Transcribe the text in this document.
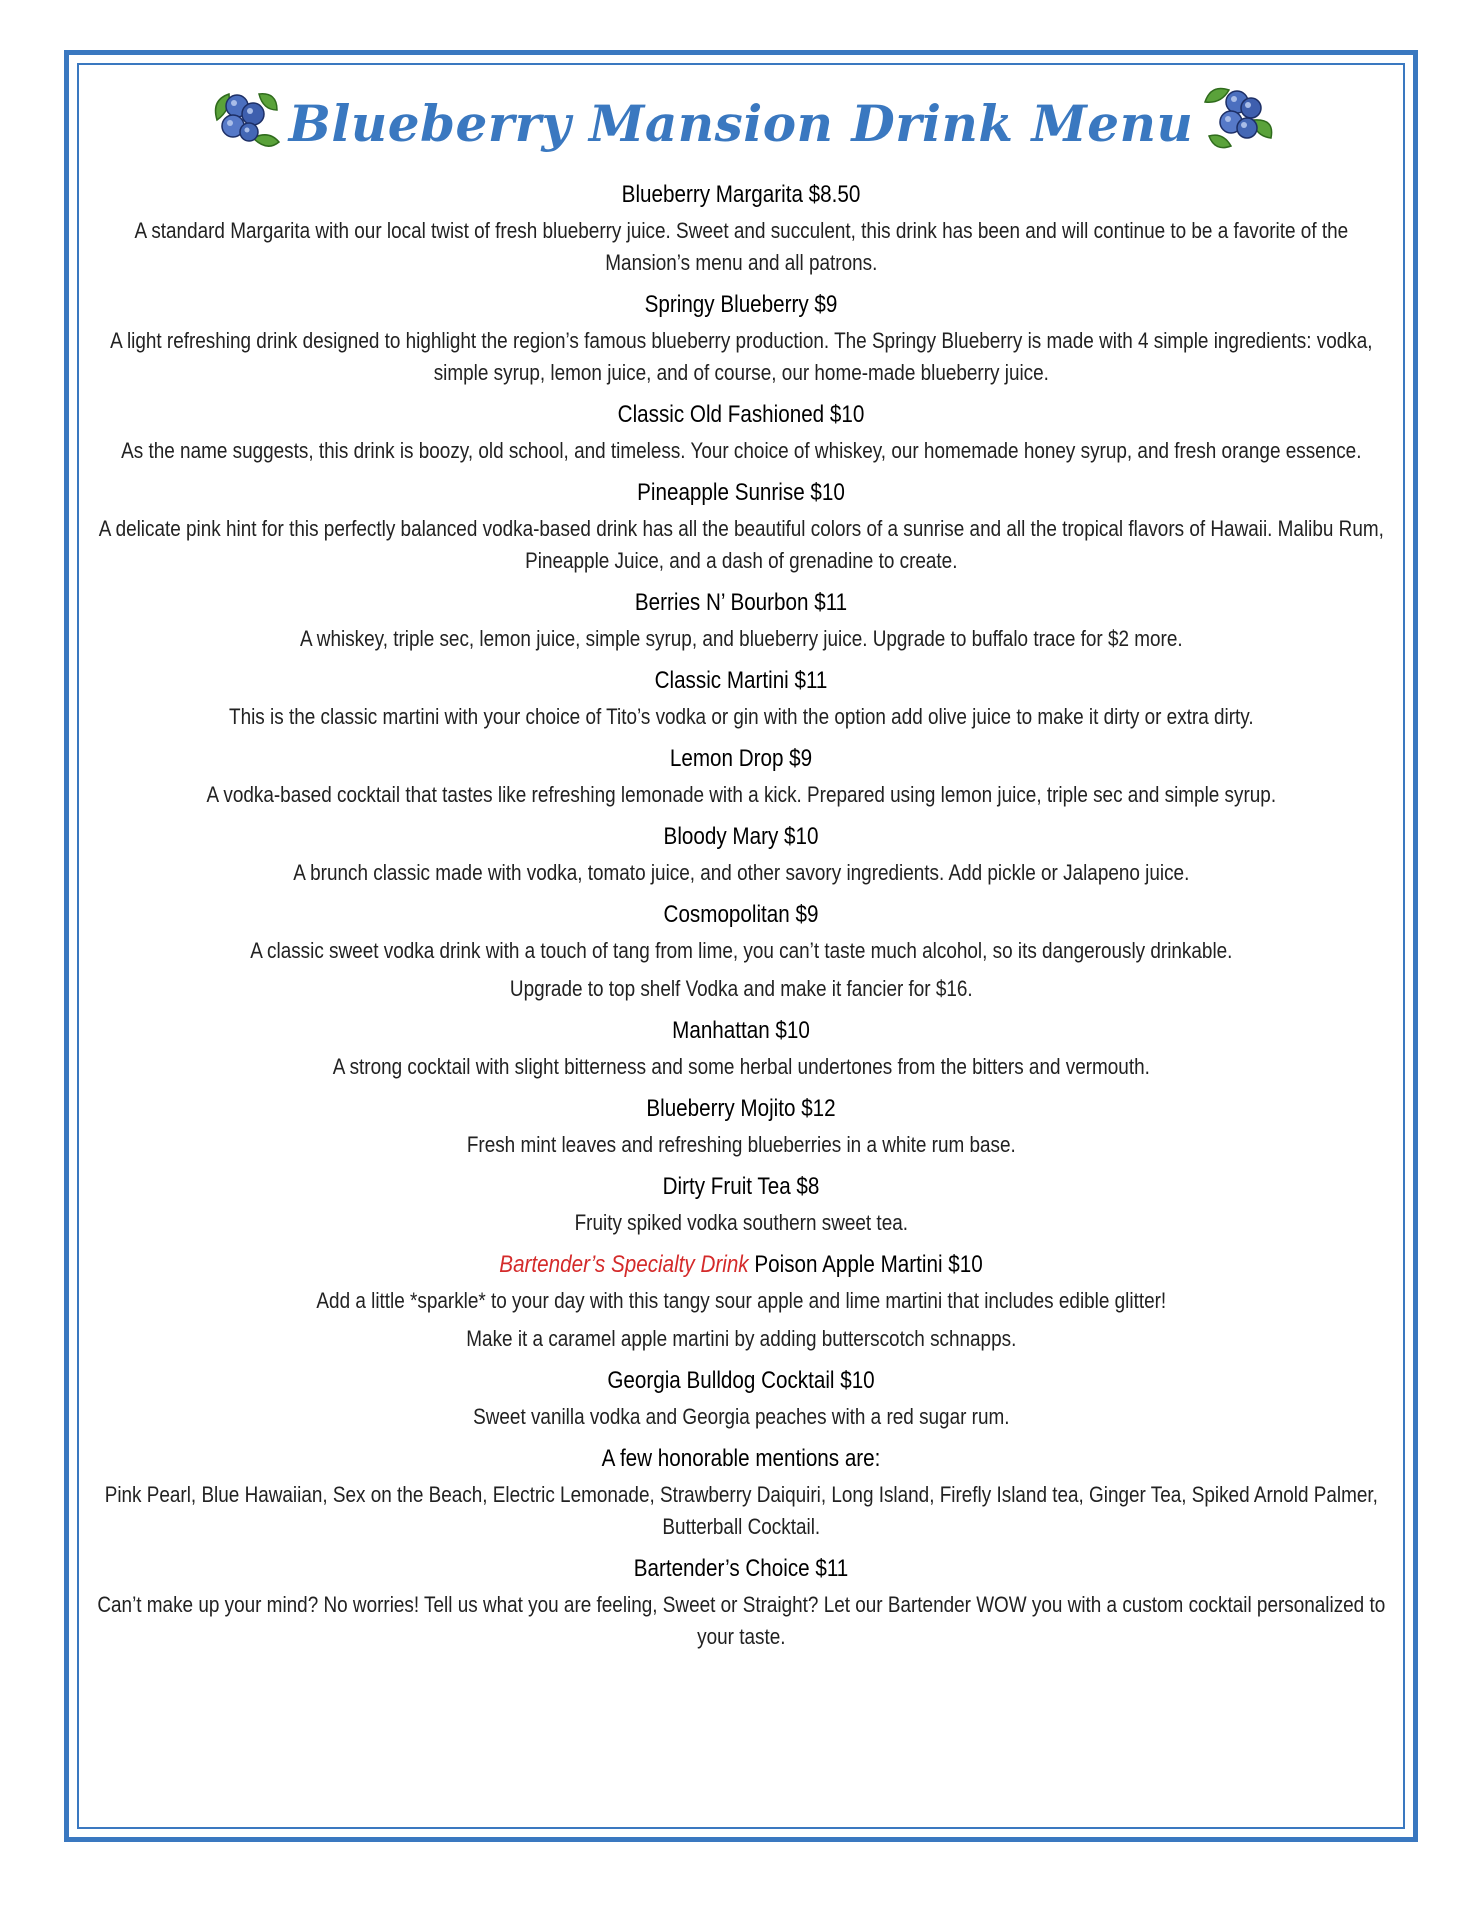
Blueberry Mansion Drink Menu

Blueberry Margarita $8.50

A standard Margarita with our local twist of fresh blueberry juice. Sweet and succulent, this drink has been and will continue to be a favorite of the Mansion’s menu and all patrons.

Springy Blueberry $9

A light refreshing drink designed to highlight the region’s famous blueberry production. The Springy Blueberry is made with 4 simple ingredients: vodka, simple syrup, lemon juice, and of course, our home-made blueberry juice.

Classic Old Fashioned $10

As the name suggests, this drink is boozy, old school, and timeless. Your choice of whiskey, our homemade honey syrup, and fresh orange essence.

Pineapple Sunrise $10

A delicate pink hint for this perfectly balanced vodka-based drink has all the beautiful colors of a sunrise and all the tropical flavors of Hawaii. Malibu Rum, Pineapple Juice, and a dash of grenadine to create.

Berries N’ Bourbon $11

A whiskey, triple sec, lemon juice, simple syrup, and blueberry juice. Upgrade to buffalo trace for $2 more.

Classic Martini $11

This is the classic martini with your choice of Tito’s vodka or gin with the option add olive juice to make it dirty or extra dirty.

Lemon Drop $9

A vodka-based cocktail that tastes like refreshing lemonade with a kick. Prepared using lemon juice, triple sec and simple syrup.

Bloody Mary $10

A brunch classic made with vodka, tomato juice, and other savory ingredients. Add pickle or Jalapeno juice.

Cosmopolitan $9

A classic sweet vodka drink with a touch of tang from lime, you can’t taste much alcohol, so its dangerously drinkable.
Upgrade to top shelf Vodka and make it fancier for $16.

Manhattan $10

A strong cocktail with slight bitterness and some herbal undertones from the bitters and vermouth.

Blueberry Mojito $12

Fresh mint leaves and refreshing blueberries in a white rum base.

Dirty Fruit Tea $8

Fruity spiked vodka southern sweet tea.

Bartender’s Specialty Drink Poison Apple Martini $10

Add a little *sparkle* to your day with this tangy sour apple and lime martini that includes edible glitter!
Make it a caramel apple martini by adding butterscotch schnapps.

Georgia Bulldog Cocktail $10

Sweet vanilla vodka and Georgia peaches with a red sugar rum.

A few honorable mentions are:

Pink Pearl, Blue Hawaiian, Sex on the Beach, Electric Lemonade, Strawberry Daiquiri, Long Island, Firefly Island tea, Ginger Tea, Spiked Arnold Palmer, Butterball Cocktail.

Bartender’s Choice $11

Can’t make up your mind? No worries! Tell us what you are feeling, Sweet or Straight? Let our Bartender WOW you with a custom cocktail personalized to your taste.
